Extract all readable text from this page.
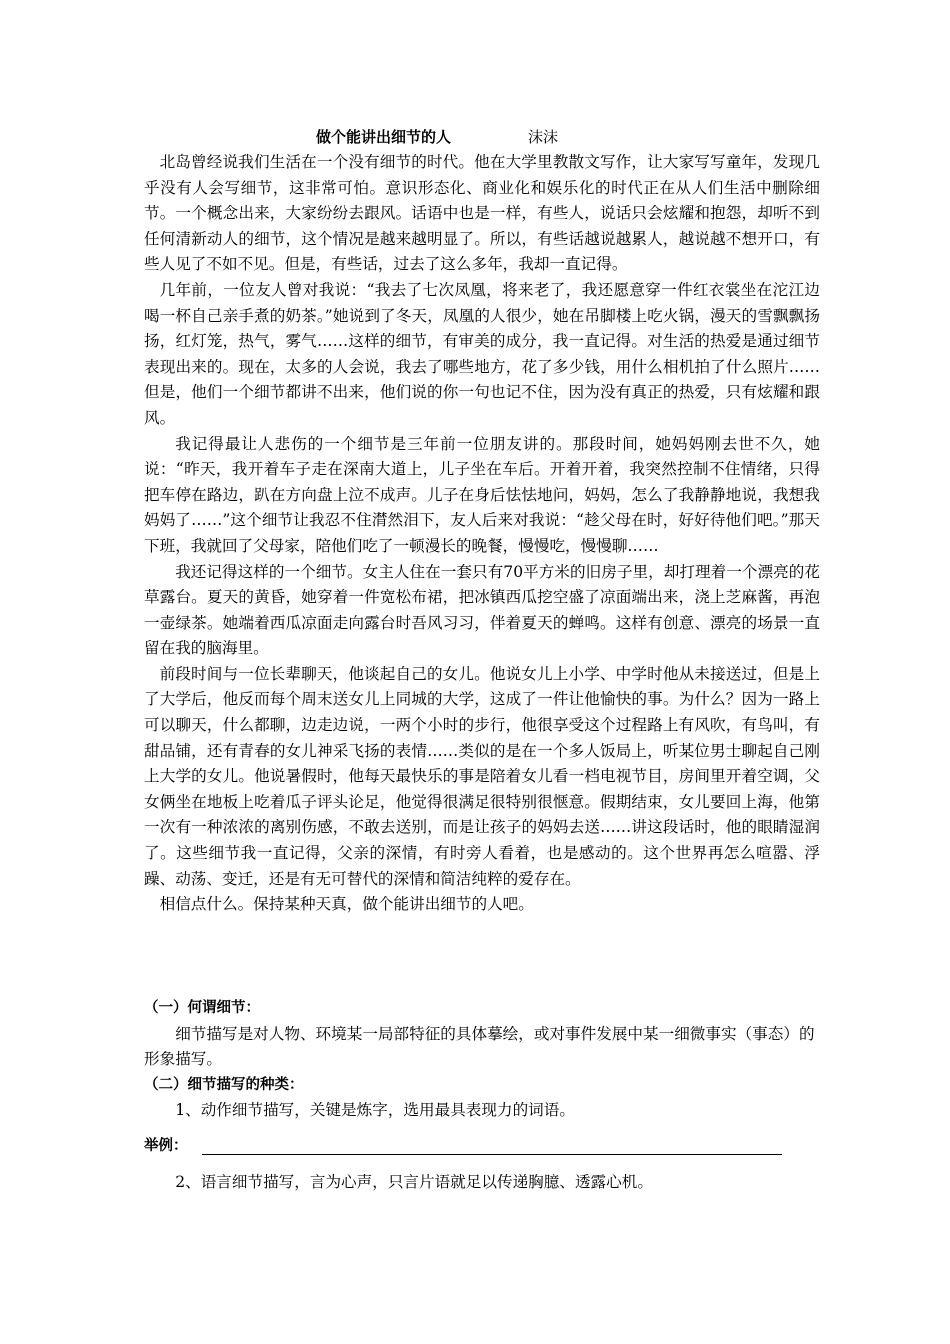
做个能讲出细节的人	沫沫

北岛曾经说我们生活在一个没有细节的时代。他在大学里教散文写作，让大家写写童年，发现几乎没有人会写细节，这非常可怕。意识形态化、商业化和娱乐化的时代正在从人们生活中删除细节。一个概念出来，大家纷纷去跟风。话语中也是一样，有些人，说话只会炫耀和抱怨，却听不到任何清新动人的细节，这个情况是越来越明显了。所以，有些话越说越累人，越说越不想开口，有些人见了不如不见。但是，有些话，过去了这么多年，我却一直记得。

几年前，一位友人曾对我说：“我去了七次凤凰，将来老了，我还愿意穿一件红衣裳坐在沱江边喝一杯自己亲手煮的奶茶。”她说到了冬天，凤凰的人很少，她在吊脚楼上吃火锅，漫天的雪飘飘扬扬，红灯笼，热气，雾气……这样的细节，有审美的成分，我一直记得。对生活的热爱是通过细节表现出来的。现在，太多的人会说，我去了哪些地方，花了多少钱，用什么相机拍了什么照片……但是，他们一个细节都讲不出来，他们说的你一句也记不住，因为没有真正的热爱，只有炫耀和跟风。

我记得最让人悲伤的一个细节是三年前一位朋友讲的。那段时间，她妈妈刚去世不久，她说：“昨天，我开着车子走在深南大道上，儿子坐在车后。开着开着，我突然控制不住情绪，只得把车停在路边，趴在方向盘上泣不成声。儿子在身后怯怯地问，妈妈，怎么了我静静地说，我想我妈妈了……”这个细节让我忍不住潸然泪下，友人后来对我说：“趁父母在时，好好待他们吧。”那天下班，我就回了父母家，陪他们吃了一顿漫长的晚餐，慢慢吃，慢慢聊……

我还记得这样的一个细节。女主人住在一套只有70平方米的旧房子里，却打理着一个漂亮的花草露台。夏天的黄昏，她穿着一件宽松布裙，把冰镇西瓜挖空盛了凉面端出来，浇上芝麻酱，再泡一壶绿茶。她端着西瓜凉面走向露台时吾风习习，伴着夏天的蝉鸣。这样有创意、漂亮的场景一直留在我的脑海里。

前段时间与一位长辈聊天，他谈起自己的女儿。他说女儿上小学、中学时他从未接送过，但是上了大学后，他反而每个周末送女儿上同城的大学，这成了一件让他愉快的事。为什么？因为一路上可以聊天，什么都聊，边走边说，一两个小时的步行，他很享受这个过程路上有风吹，有鸟叫，有甜品铺，还有青春的女儿神采飞扬的表情……类似的是在一个多人饭局上，听某位男士聊起自己刚上大学的女儿。他说暑假时，他每天最快乐的事是陪着女儿看一档电视节目，房间里开着空调，父女俩坐在地板上吃着瓜子评头论足，他觉得很满足很特别很惬意。假期结束，女儿要回上海，他第一次有一种浓浓的离别伤感，不敢去送别，而是让孩子的妈妈去送……讲这段话时，他的眼睛湿润了。这些细节我一直记得，父亲的深情，有时旁人看着，也是感动的。这个世界再怎么喧嚣、浮躁、动荡、变迁，还是有无可替代的深情和简洁纯粹的爱存在。

相信点什么。保持某种天真，做个能讲出细节的人吧。

（一）何谓细节：

细节描写是对人物、环境某一局部特征的具体摹绘，或对事件发展中某一细微事实（事态）的形象描写。

（二）细节描写的种类：

1、动作细节描写，关键是炼字，选用最具表现力的词语。

举例：

2、语言细节描写，言为心声，只言片语就足以传递胸臆、透露心机。
